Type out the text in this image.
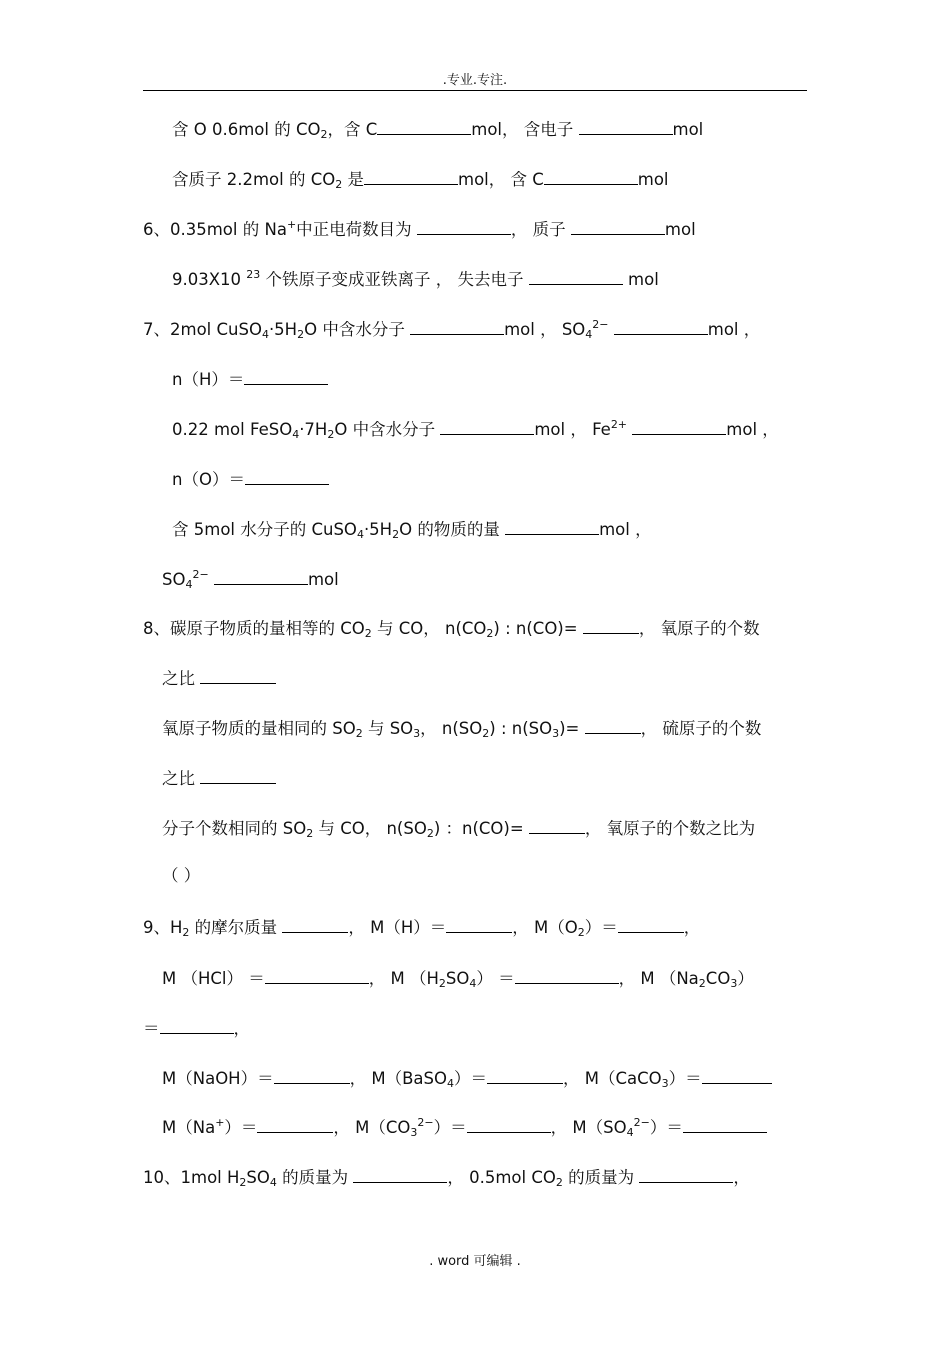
.专业.专注.
含 O 0.6mol 的 $CO_2$，含 C	mol， 含电子	mol
含质子 2.2mol 的 $CO_2$ 是	mol， 含 C	mol
6、0.35mol 的 Na+中正电荷数目为	， 质子	mol
9.03X10 $^{23}$ 个铁原子变成亚铁离子 ， 失去电子	mol
7、2mol $CuSO_4\cdot 5H_2O$ 中含水分子	mol ， $SO_4^{2-}$	mol ，
n（H）＝
0.22 mol $FeSO_4\cdot 7H_2O$ 中含水分子	mol ， $Fe^{2+}$	mol ，
n（O）＝
含 5mol 水分子的 $CuSO_4\cdot 5H_2O$ 的物质的量	mol ，
$SO_4^{2-}$	mol
8、碳原子物质的量相等的 $CO_2$ 与 CO， $n(CO_2)$ : n(CO)=	， 氧原子的个数
之比
氧原子物质的量相同的 $SO_2$ 与 $SO_3$， $n(SO_2)$ : $n(SO_3)=$	， 硫原子的个数
之比
分子个数相同的 $SO_2$ 与 CO， $n(SO_2)$ ：n(CO)=	， 氧原子的个数之比为
（ ）
9、$H_2$ 的摩尔质量	， M（H）＝	， $M(O_2)=$	，
M （HCl） ＝	， M $(H_2SO_4)$ ＝	， M $(Na_2CO_3)$
＝	，
M（NaOH）＝	， M（BaSO$_4$）＝	， M（CaCO$_3$）＝
M（Na+）＝	， $M(CO_3^{2-})=$	， $M(SO_4^{2-})=$
10、1mol $H_2SO_4$ 的质量为	， 0.5mol $CO_2$ 的质量为	，
. word 可编辑 .
